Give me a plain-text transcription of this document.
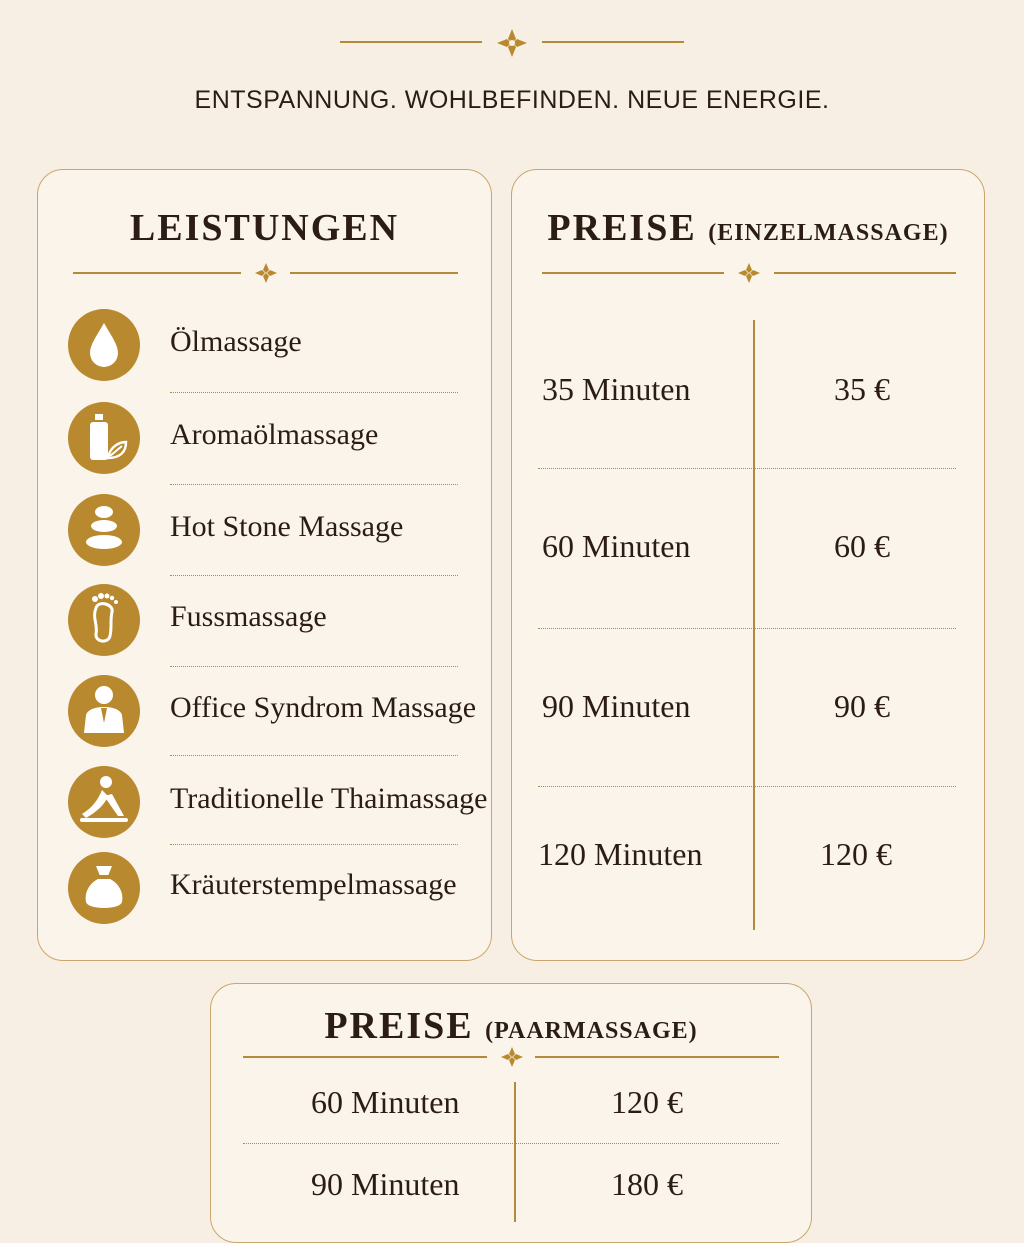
ENTSPANNUNG. WOHLBEFINDEN. NEUE ENERGIE.
LEISTUNGEN
Ölmassage
Aromaölmassage
Hot Stone Massage
Fussmassage
Office Syndrom Massage
Traditionelle Thaimassage
Kräuterstempelmassage
PREISE (EINZELMASSAGE)
35 Minuten	35 €
60 Minuten	60 €
90 Minuten	90 €
120 Minuten	120 €
PREISE (PAARMASSAGE)
60 Minuten	120 €
90 Minuten	180 €
